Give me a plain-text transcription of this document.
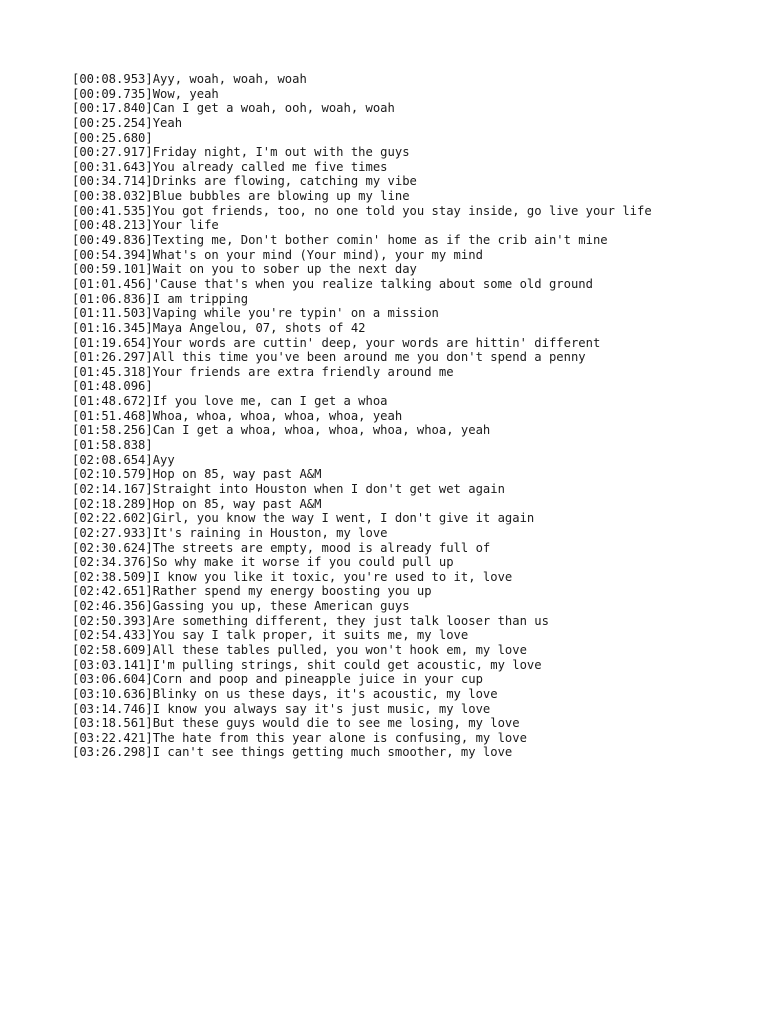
[00:08.953]Ayy, woah, woah, woah
[00:09.735]Wow, yeah
[00:17.840]Can I get a woah, ooh, woah, woah
[00:25.254]Yeah
[00:25.680]
[00:27.917]Friday night, I'm out with the guys
[00:31.643]You already called me five times
[00:34.714]Drinks are flowing, catching my vibe
[00:38.032]Blue bubbles are blowing up my line
[00:41.535]You got friends, too, no one told you stay inside, go live your life
[00:48.213]Your life
[00:49.836]Texting me, Don't bother comin' home as if the crib ain't mine
[00:54.394]What's on your mind (Your mind), your my mind
[00:59.101]Wait on you to sober up the next day
[01:01.456]'Cause that's when you realize talking about some old ground
[01:06.836]I am tripping
[01:11.503]Vaping while you're typin' on a mission
[01:16.345]Maya Angelou, 07, shots of 42
[01:19.654]Your words are cuttin' deep, your words are hittin' different
[01:26.297]All this time you've been around me you don't spend a penny
[01:45.318]Your friends are extra friendly around me
[01:48.096]
[01:48.672]If you love me, can I get a whoa
[01:51.468]Whoa, whoa, whoa, whoa, whoa, yeah
[01:58.256]Can I get a whoa, whoa, whoa, whoa, whoa, yeah
[01:58.838]
[02:08.654]Ayy
[02:10.579]Hop on 85, way past A&M
[02:14.167]Straight into Houston when I don't get wet again
[02:18.289]Hop on 85, way past A&M
[02:22.602]Girl, you know the way I went, I don't give it again
[02:27.933]It's raining in Houston, my love
[02:30.624]The streets are empty, mood is already full of
[02:34.376]So why make it worse if you could pull up
[02:38.509]I know you like it toxic, you're used to it, love
[02:42.651]Rather spend my energy boosting you up
[02:46.356]Gassing you up, these American guys
[02:50.393]Are something different, they just talk looser than us
[02:54.433]You say I talk proper, it suits me, my love
[02:58.609]All these tables pulled, you won't hook em, my love
[03:03.141]I'm pulling strings, shit could get acoustic, my love
[03:06.604]Corn and poop and pineapple juice in your cup
[03:10.636]Blinky on us these days, it's acoustic, my love
[03:14.746]I know you always say it's just music, my love
[03:18.561]But these guys would die to see me losing, my love
[03:22.421]The hate from this year alone is confusing, my love
[03:26.298]I can't see things getting much smoother, my love
